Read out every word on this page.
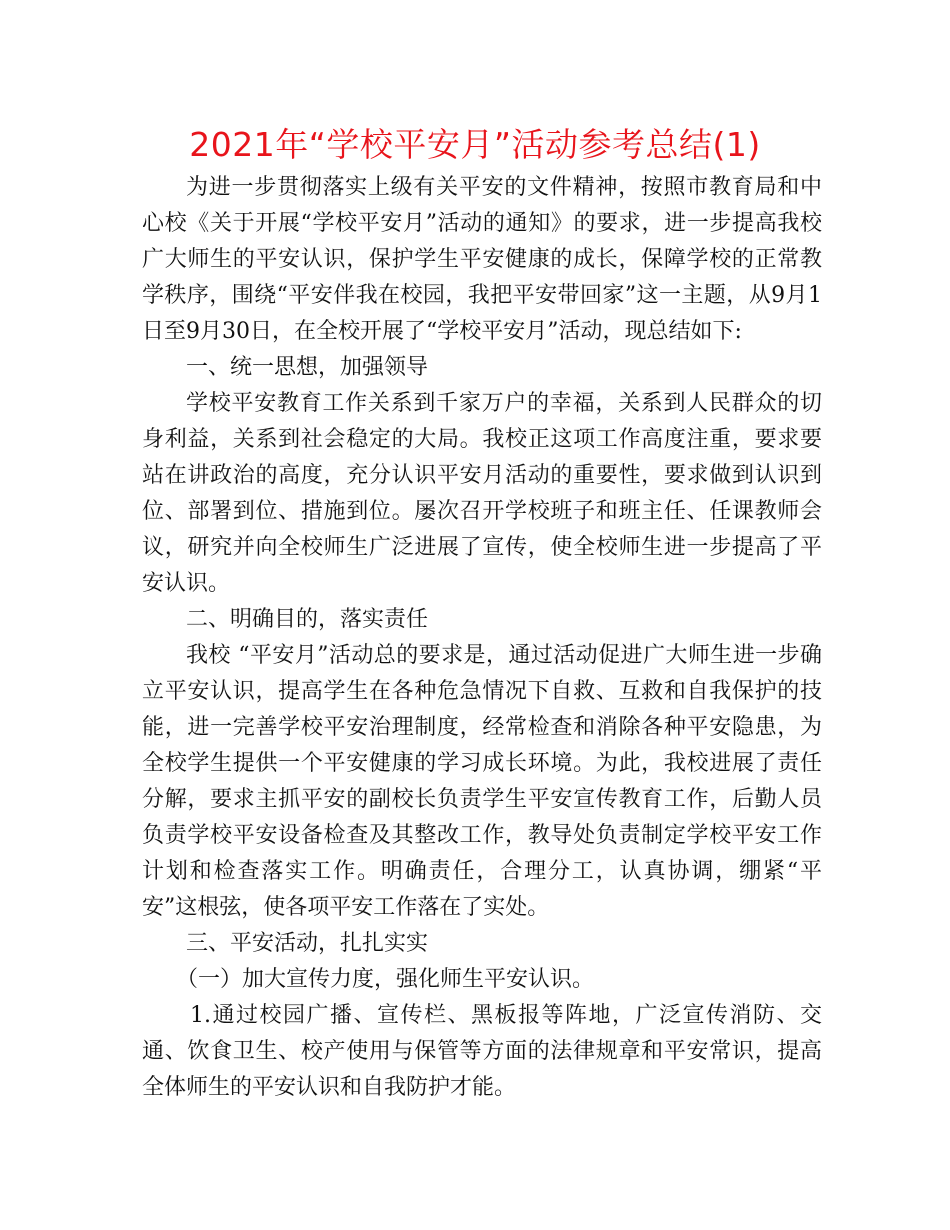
2021年“学校平安月”活动参考总结(1)

为进一步贯彻落实上级有关平安的文件精神，按照市教育局和中心校《关于开展“学校平安月”活动的通知》的要求，进一步提高我校广大师生的平安认识，保护学生平安健康的成长，保障学校的正常教学秩序，围绕“平安伴我在校园，我把平安带回家”这一主题，从9月1日至9月30日，在全校开展了“学校平安月”活动，现总结如下:

一、统一思想，加强领导

学校平安教育工作关系到千家万户的幸福，关系到人民群众的切身利益，关系到社会稳定的大局。我校正这项工作高度注重，要求要站在讲政治的高度，充分认识平安月活动的重要性，要求做到认识到位、部署到位、措施到位。屡次召开学校班子和班主任、任课教师会议，研究并向全校师生广泛进展了宣传，使全校师生进一步提高了平安认识。

二、明确目的，落实责任

我校 “平安月”活动总的要求是，通过活动促进广大师生进一步确立平安认识，提高学生在各种危急情况下自救、互救和自我保护的技能，进一完善学校平安治理制度，经常检查和消除各种平安隐患，为全校学生提供一个平安健康的学习成长环境。为此，我校进展了责任分解，要求主抓平安的副校长负责学生平安宣传教育工作，后勤人员负责学校平安设备检查及其整改工作，教导处负责制定学校平安工作计划和检查落实工作。明确责任，合理分工，认真协调，绷紧“平安”这根弦，使各项平安工作落在了实处。

三、平安活动，扎扎实实

（一）加大宣传力度，强化师生平安认识。

1.通过校园广播、宣传栏、黑板报等阵地，广泛宣传消防、交通、饮食卫生、校产使用与保管等方面的法律规章和平安常识，提高全体师生的平安认识和自我防护才能。
